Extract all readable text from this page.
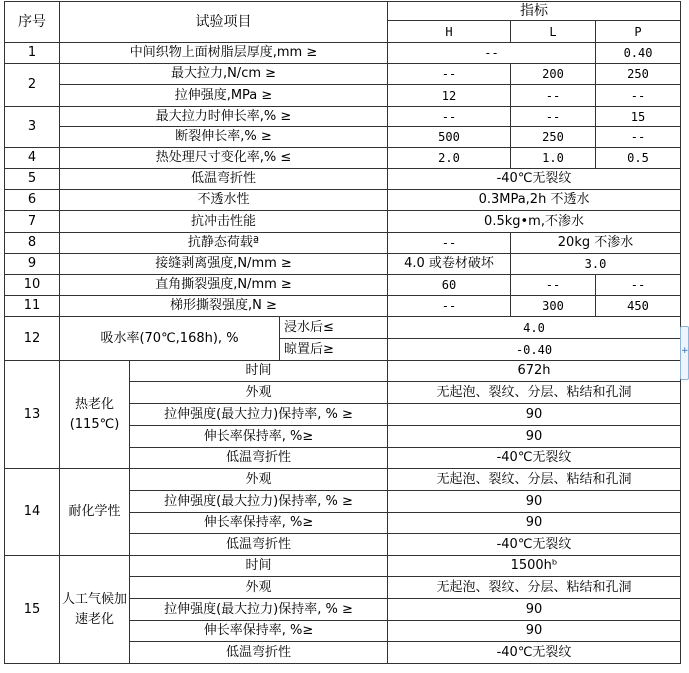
序号	试验项目			指标		
				H	L	P
1	中间织物上面树脂层厚度,mm ≥			--		0.40
2	最大拉力,N/cm ≥			--	200	250
	拉伸强度,MPa ≥			12	--	--
3	最大拉力时伸长率,% ≥			--	--	15
	断裂伸长率,% ≥			500	250	--
4	热处理尺寸变化率,% ≤			2.0	1.0	0.5
5	低温弯折性			-40℃无裂纹		
6	不透水性			0.3MPa,2h 不透水		
7	抗冲击性能			0.5kg•m,不渗水		
8	抗静态荷载ª			--	20kg 不渗水	
9	接缝剥离强度,N/mm ≥			4.0 或卷材破坏	3.0	
10	直角撕裂强度,N/mm ≥			60	--	--
11	梯形撕裂强度,N ≥			--	300	450
12	吸水率(70℃,168h), %		浸水后≤	4.0		
			晾置后≥	-0.40		
13	热老化(115℃)	时间		672h		
		外观		无起泡、裂纹、分层、粘结和孔洞		
		拉伸强度(最大拉力)保持率, % ≥		90		
		伸长率保持率, %≥		90		
		低温弯折性		-40℃无裂纹		
14	耐化学性	外观		无起泡、裂纹、分层、粘结和孔洞		
		拉伸强度(最大拉力)保持率, % ≥		90		
		伸长率保持率, %≥		90		
		低温弯折性		-40℃无裂纹		
15	人工气候加速老化	时间		1500hᵇ		
		外观		无起泡、裂纹、分层、粘结和孔洞		
		拉伸强度(最大拉力)保持率, % ≥		90		
		伸长率保持率, %≥		90		
		低温弯折性		-40℃无裂纹		
+
